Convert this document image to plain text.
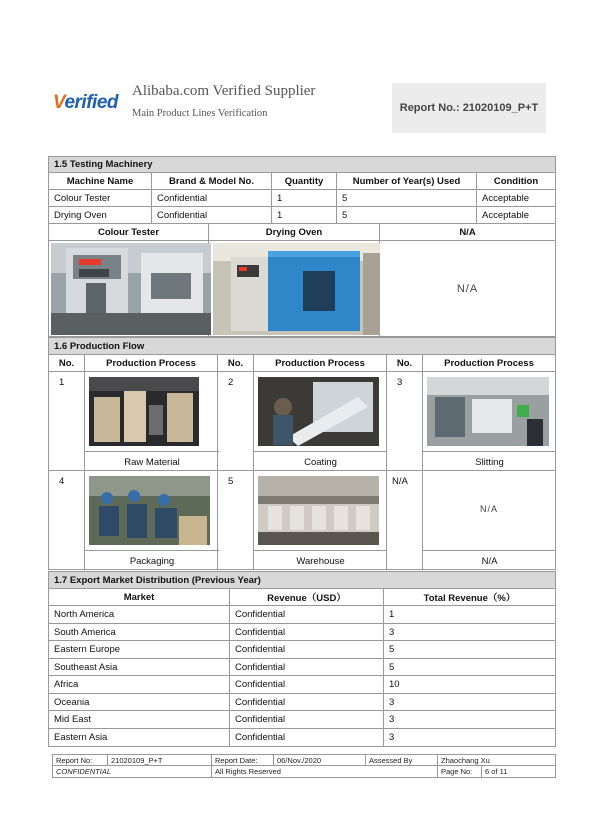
Verified
Alibaba.com Verified Supplier
Main Product Lines Verification	Report No.: 21020109_P+T
1.5 Testing Machinery
Machine Name	Brand & Model No.	Quantity	Number of Year(s) Used	Condition
Colour Tester	Confidential	1	5	Acceptable
Drying Oven	Confidential	1	5	Acceptable
Colour Tester	Drying Oven	N/A
N/A
1.6 Production Flow
No.	Production Process	No.	Production Process	No.	Production Process
1	2	3
Raw Material	Coating	Slitting
4	5	N/A
N/A
Packaging	Warehouse	N/A
1.7 Export Market Distribution (Previous Year)
Market	Revenue（USD）	Total Revenue（%）
North America	Confidential	1
South America	Confidential	3
Eastern Europe	Confidential	5
Southeast Asia	Confidential	5
Africa	Confidential	10
Oceania	Confidential	3
Mid East	Confidential	3
Eastern Asia	Confidential	3
Report No:	21020109_P+T	Report Date:	06/Nov./2020	Assessed By	Zhaochang Xu
CONFIDENTIAL	All Rights Reserved	Page No:	6 of 11
